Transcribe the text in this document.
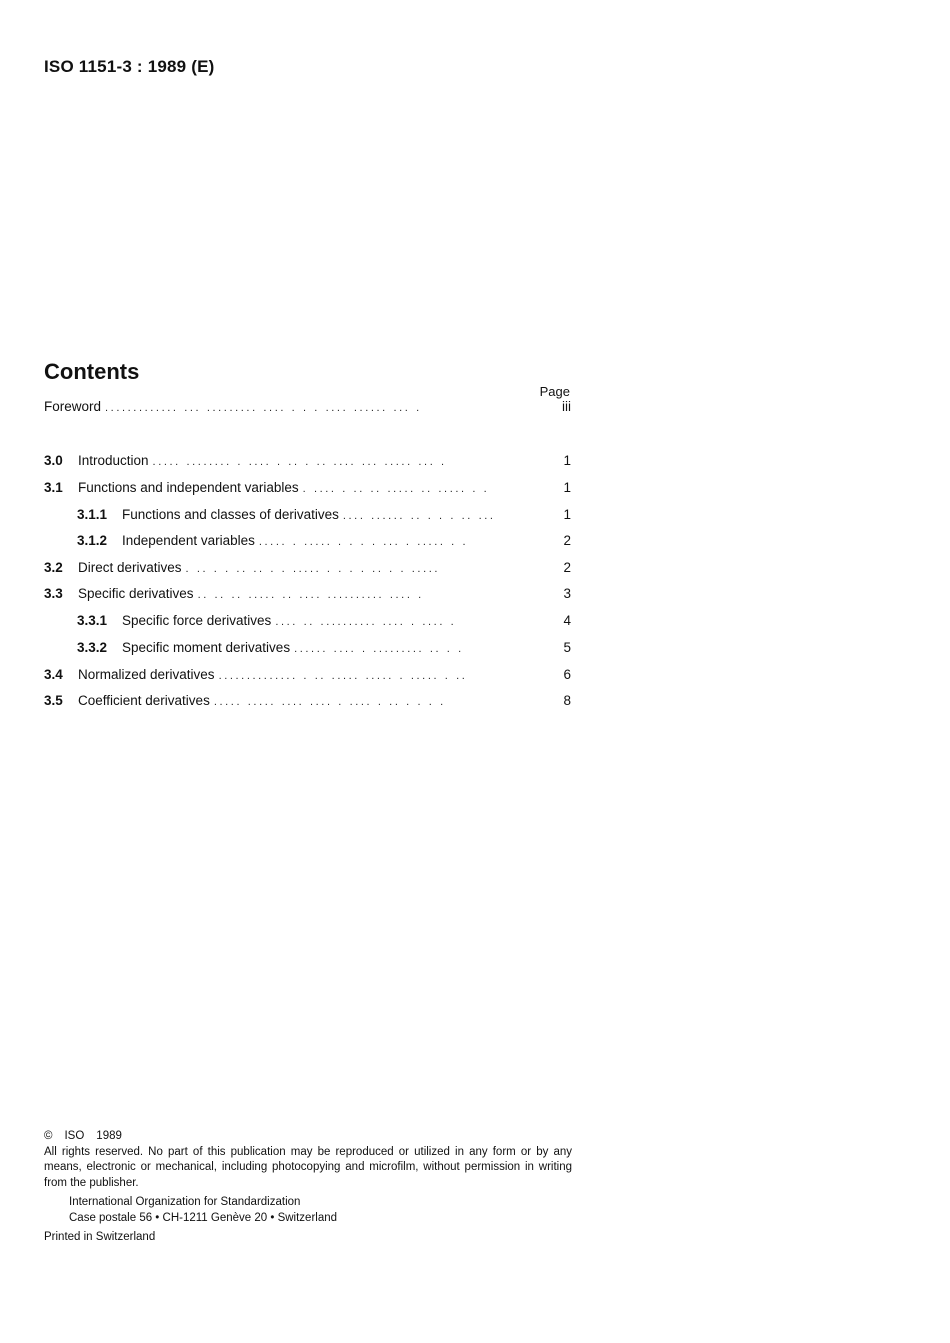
ISO 1151-3 : 1989 (E)
Contents
Page
Foreword ............. ... ......... .... . . . .... ...... ... .	iii
3.0	Introduction ..... ........ . .... . .. . .. .... ... ..... ... .	1
3.1	Functions and independent variables . .... . .. .. ..... .. ..... . .	1
3.1.1	Functions and classes of derivatives .... ...... .. . . . .. ...	1
3.1.2	Independent variables ..... . ..... . . . . ... . ..... . .	2
3.2	Direct derivatives . .. . . .. .. . . ..... . . . . .. . . .....	2
3.3	Specific derivatives .. .. .. ..... .. .... .......... .... .	3
3.3.1	Specific force derivatives .... .. .......... .... . .... .	4
3.3.2	Specific moment derivatives ...... .... . ......... .. . .	5
3.4	Normalized derivatives .............. . .. ..... ..... . ..... . ..	6
3.5	Coefficient derivatives ..... ..... .... .... . .... . .. . . . .	8
© ISO 1989
All rights reserved. No part of this publication may be reproduced or utilized in any form or by any means, electronic or mechanical, including photocopying and microfilm, without permission in writing from the publisher.
International Organization for Standardization
Case postale 56 • CH-1211 Genève 20 • Switzerland
Printed in Switzerland
